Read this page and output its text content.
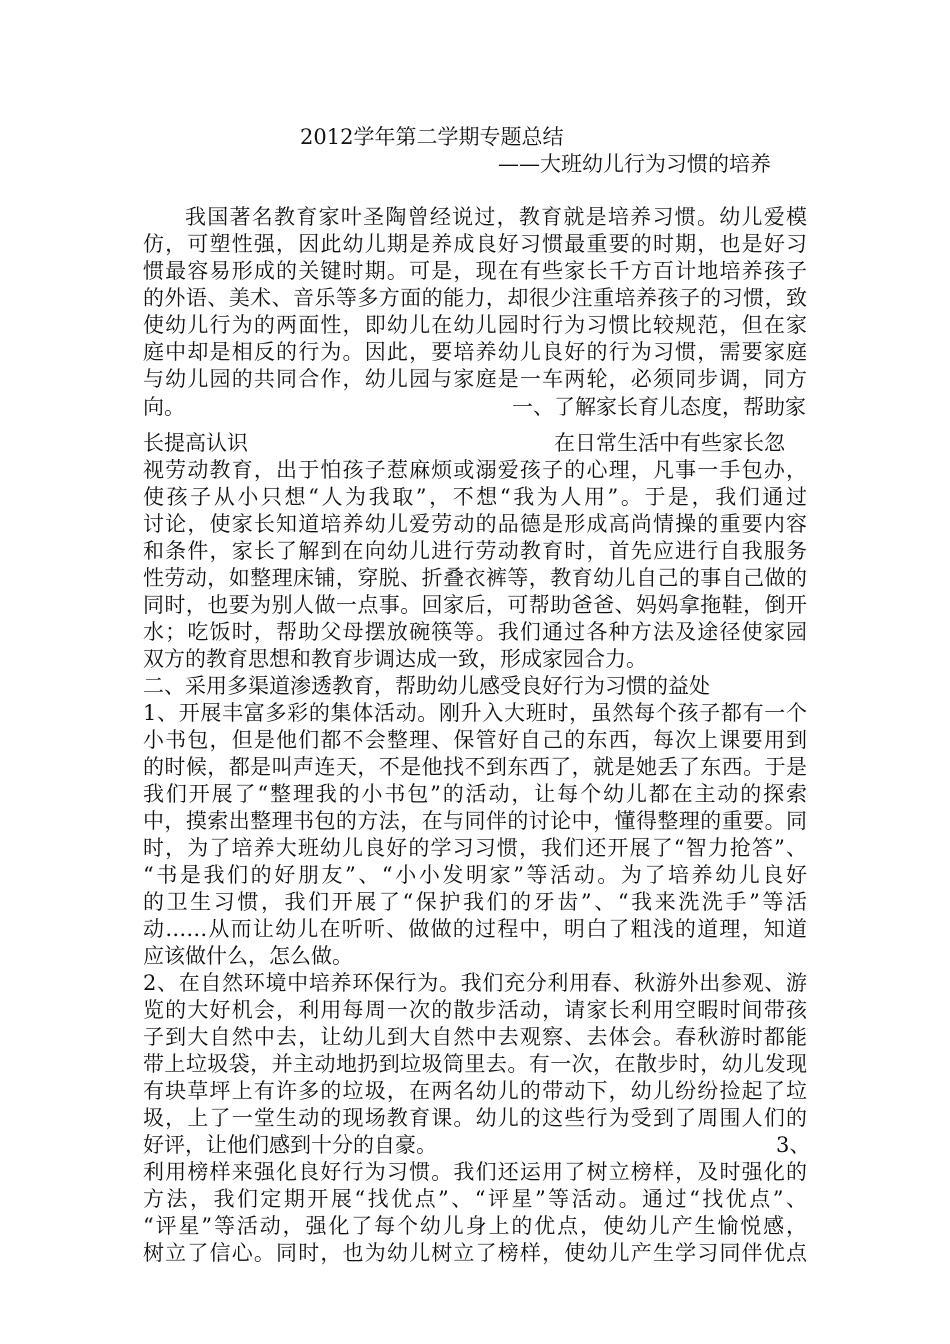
2012学年第二学期专题总结
——大班幼儿行为习惯的培养
我国著名教育家叶圣陶曾经说过，教育就是培养习惯。幼儿爱模
仿，可塑性强，因此幼儿期是养成良好习惯最重要的时期，也是好习
惯最容易形成的关键时期。可是，现在有些家长千方百计地培养孩子
的外语、美术、音乐等多方面的能力，却很少注重培养孩子的习惯，致
使幼儿行为的两面性，即幼儿在幼儿园时行为习惯比较规范，但在家
庭中却是相反的行为。因此，要培养幼儿良好的行为习惯，需要家庭
与幼儿园的共同合作，幼儿园与家庭是一车两轮，必须同步调，同方
向。	一、了解家长育儿态度，帮助家
长提高认识	在日常生活中有些家长忽
视劳动教育，出于怕孩子惹麻烦或溺爱孩子的心理，凡事一手包办，
使孩子从小只想“人为我取”，不想“我为人用”。于是，我们通过
讨论，使家长知道培养幼儿爱劳动的品德是形成高尚情操的重要内容
和条件，家长了解到在向幼儿进行劳动教育时，首先应进行自我服务
性劳动，如整理床铺，穿脱、折叠衣裤等，教育幼儿自己的事自己做的
同时，也要为别人做一点事。回家后，可帮助爸爸、妈妈拿拖鞋，倒开
水；吃饭时，帮助父母摆放碗筷等。我们通过各种方法及途径使家园
双方的教育思想和教育步调达成一致，形成家园合力。
二、采用多渠道渗透教育，帮助幼儿感受良好行为习惯的益处
1、开展丰富多彩的集体活动。刚升入大班时，虽然每个孩子都有一个
小书包，但是他们都不会整理、保管好自己的东西，每次上课要用到
的时候，都是叫声连天，不是他找不到东西了，就是她丢了东西。于是
我们开展了“整理我的小书包”的活动，让每个幼儿都在主动的探索
中，摸索出整理书包的方法，在与同伴的讨论中，懂得整理的重要。同
时，为了培养大班幼儿良好的学习习惯，我们还开展了“智力抢答”、
“书是我们的好朋友”、“小小发明家”等活动。为了培养幼儿良好
的卫生习惯，我们开展了“保护我们的牙齿”、“我来洗洗手”等活
动……从而让幼儿在听听、做做的过程中，明白了粗浅的道理，知道
应该做什么，怎么做。
2、在自然环境中培养环保行为。我们充分利用春、秋游外出参观、游
览的大好机会，利用每周一次的散步活动，请家长利用空暇时间带孩
子到大自然中去，让幼儿到大自然中去观察、去体会。春秋游时都能
带上垃圾袋，并主动地扔到垃圾筒里去。有一次，在散步时，幼儿发现
有块草坪上有许多的垃圾，在两名幼儿的带动下，幼儿纷纷捡起了垃
圾，上了一堂生动的现场教育课。幼儿的这些行为受到了周围人们的
好评，让他们感到十分的自豪。	3、
利用榜样来强化良好行为习惯。我们还运用了树立榜样，及时强化的
方法，我们定期开展“找优点”、“评星”等活动。通过“找优点”、
“评星”等活动，强化了每个幼儿身上的优点，使幼儿产生愉悦感，
树立了信心。同时，也为幼儿树立了榜样，使幼儿产生学习同伴优点
